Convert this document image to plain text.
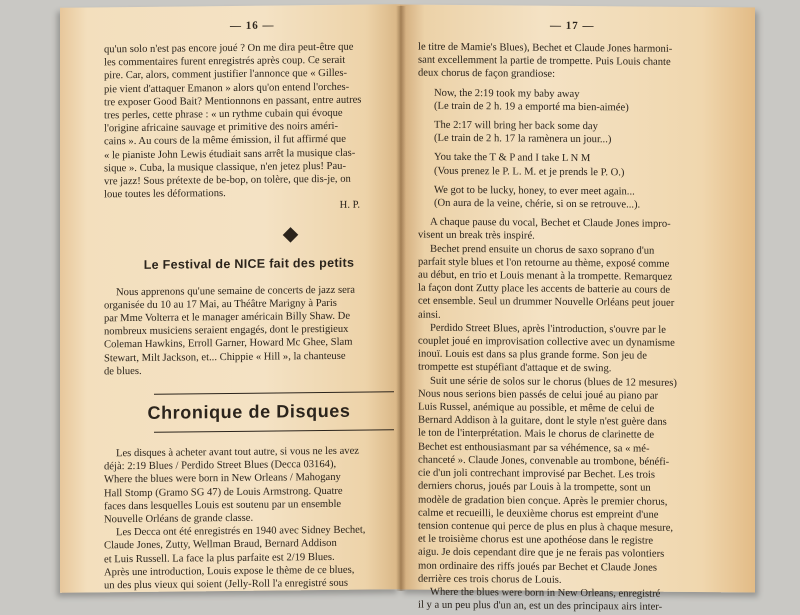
— 16 —

qu'un solo n'est pas encore joué ? On me dira peut-être que

les commentaires furent enregistrés après coup. Ce serait

pire. Car, alors, comment justifier l'annonce que « Gilles-

pie vient d'attaquer Emanon » alors qu'on entend l'orches-

tre exposer Good Bait? Mentionnons en passant, entre autres

tres perles, cette phrase : « un rythme cubain qui évoque

l'origine africaine sauvage et primitive des noirs améri-

cains ». Au cours de la même émission, il fut affirmé que

« le pianiste John Lewis étudiait sans arrêt la musique clas-

sique ». Cuba, la musique classique, n'en jetez plus! Pau-

vre jazz! Sous prétexte de be-bop, on tolère, que dis-je, on

loue toutes les déformations.

H. P.

Le Festival de NICE fait des petits

Nous apprenons qu'une semaine de concerts de jazz sera

organisée du 10 au 17 Mai, au Théâtre Marigny à Paris

par Mme Volterra et le manager américain Billy Shaw. De

nombreux musiciens seraient engagés, dont le prestigieux

Coleman Hawkins, Erroll Garner, Howard Mc Ghee, Slam

Stewart, Milt Jackson, et... Chippie « Hill », la chanteuse

de blues.

Chronique de Disques

Les disques à acheter avant tout autre, si vous ne les avez

déjà: 2:19 Blues / Perdido Street Blues (Decca 03164),

Where the blues were born in New Orleans / Mahogany

Hall Stomp (Gramo SG 47) de Louis Armstrong. Quatre

faces dans lesquelles Louis est soutenu par un ensemble

Nouvelle Orléans de grande classe.

Les Decca ont été enregistrés en 1940 avec Sidney Bechet,

Claude Jones, Zutty, Wellman Braud, Bernard Addison

et Luis Russell. La face la plus parfaite est 2/19 Blues.

Après une introduction, Louis expose le thème de ce blues,

un des plus vieux qui soient (Jelly-Roll l'a enregistré sous

— 17 —

le titre de Mamie's Blues), Bechet et Claude Jones harmoni-

sant excellemment la partie de trompette. Puis Louis chante

deux chorus de façon grandiose:

Now, the 2:19 took my baby away

(Le train de 2 h. 19 a emporté ma bien-aimée)

The 2:17 will bring her back some day

(Le train de 2 h. 17 la ramènera un jour...)

You take the T & P and I take L N M

(Vous prenez le P. L. M. et je prends le P. O.)

We got to be lucky, honey, to ever meet again...

(On aura de la veine, chérie, si on se retrouve...).

A chaque pause du vocal, Bechet et Claude Jones impro-

visent un break très inspiré.

Bechet prend ensuite un chorus de saxo soprano d'un

parfait style blues et l'on retourne au thème, exposé comme

au début, en trio et Louis menant à la trompette. Remarquez

la façon dont Zutty place les accents de batterie au cours de

cet ensemble. Seul un drummer Nouvelle Orléans peut jouer

ainsi.

Perdido Street Blues, après l'introduction, s'ouvre par le

couplet joué en improvisation collective avec un dynamisme

inouï. Louis est dans sa plus grande forme. Son jeu de

trompette est stupéfiant d'attaque et de swing.

Suit une série de solos sur le chorus (blues de 12 mesures)

Nous nous serions bien passés de celui joué au piano par

Luis Russel, anémique au possible, et même de celui de

Bernard Addison à la guitare, dont le style n'est guère dans

le ton de l'interprétation. Mais le chorus de clarinette de

Bechet est enthousiasmant par sa véhémence, sa « mé-

chanceté ». Claude Jones, convenable au trombone, bénéfi-

cie d'un joli contrechant improvisé par Bechet. Les trois

derniers chorus, joués par Louis à la trompette, sont un

modèle de gradation bien conçue. Après le premier chorus,

calme et recueilli, le deuxième chorus est empreint d'une

tension contenue qui perce de plus en plus à chaque mesure,

et le troisième chorus est une apothéose dans le registre

aigu. Je dois cependant dire que je ne ferais pas volontiers

mon ordinaire des riffs joués par Bechet et Claude Jones

derrière ces trois chorus de Louis.

Where the blues were born in New Orleans, enregistré

il y a un peu plus d'un an, est un des principaux airs inter-
